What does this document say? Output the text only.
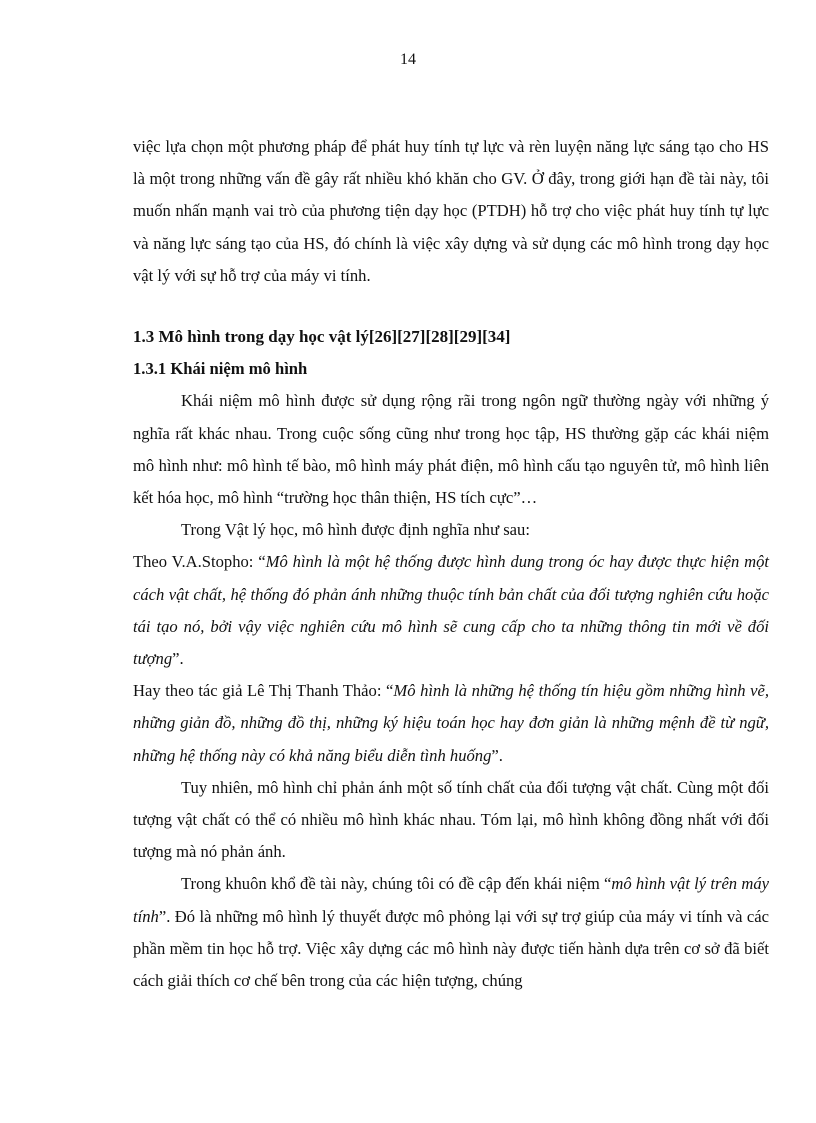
14

việc lựa chọn một phương pháp để phát huy tính tự lực và rèn luyện năng lực sáng tạo cho HS là một trong những vấn đề gây rất nhiều khó khăn cho GV. Ở đây, trong giới hạn đề tài này, tôi muốn nhấn mạnh vai trò của phương tiện dạy học (PTDH) hỗ trợ cho việc phát huy tính tự lực và năng lực sáng tạo của HS, đó chính là việc xây dựng và sử dụng các mô hình trong dạy học vật lý với sự hỗ trợ của máy vi tính.

1.3 Mô hình trong dạy học vật lý[26][27][28][29][34]

1.3.1 Khái niệm mô hình

Khái niệm mô hình được sử dụng rộng rãi trong ngôn ngữ thường ngày với những ý nghĩa rất khác nhau. Trong cuộc sống cũng như trong học tập, HS thường gặp các khái niệm mô hình như: mô hình tế bào, mô hình máy phát điện, mô hình cấu tạo nguyên tử, mô hình liên kết hóa học, mô hình “trường học thân thiện, HS tích cực”…

Trong Vật lý học, mô hình được định nghĩa như sau:

Theo V.A.Stopho: “Mô hình là một hệ thống được hình dung trong óc hay được thực hiện một cách vật chất, hệ thống đó phản ánh những thuộc tính bản chất của đối tượng nghiên cứu hoặc tái tạo nó, bởi vậy việc nghiên cứu mô hình sẽ cung cấp cho ta những thông tin mới về đối tượng”.

Hay theo tác giả Lê Thị Thanh Thảo: “Mô hình là những hệ thống tín hiệu gồm những hình vẽ, những giản đồ, những đồ thị, những ký hiệu toán học hay đơn giản là những mệnh đề từ ngữ, những hệ thống này có khả năng biểu diễn tình huống”.

Tuy nhiên, mô hình chỉ phản ánh một số tính chất của đối tượng vật chất. Cùng một đối tượng vật chất có thể có nhiều mô hình khác nhau. Tóm lại, mô hình không đồng nhất với đối tượng mà nó phản ánh.

Trong khuôn khổ đề tài này, chúng tôi có đề cập đến khái niệm “mô hình vật lý trên máy tính”. Đó là những mô hình lý thuyết được mô phỏng lại với sự trợ giúp của máy vi tính và các phần mềm tin học hỗ trợ. Việc xây dựng các mô hình này được tiến hành dựa trên cơ sở đã biết cách giải thích cơ chế bên trong của các hiện tượng, chúng
